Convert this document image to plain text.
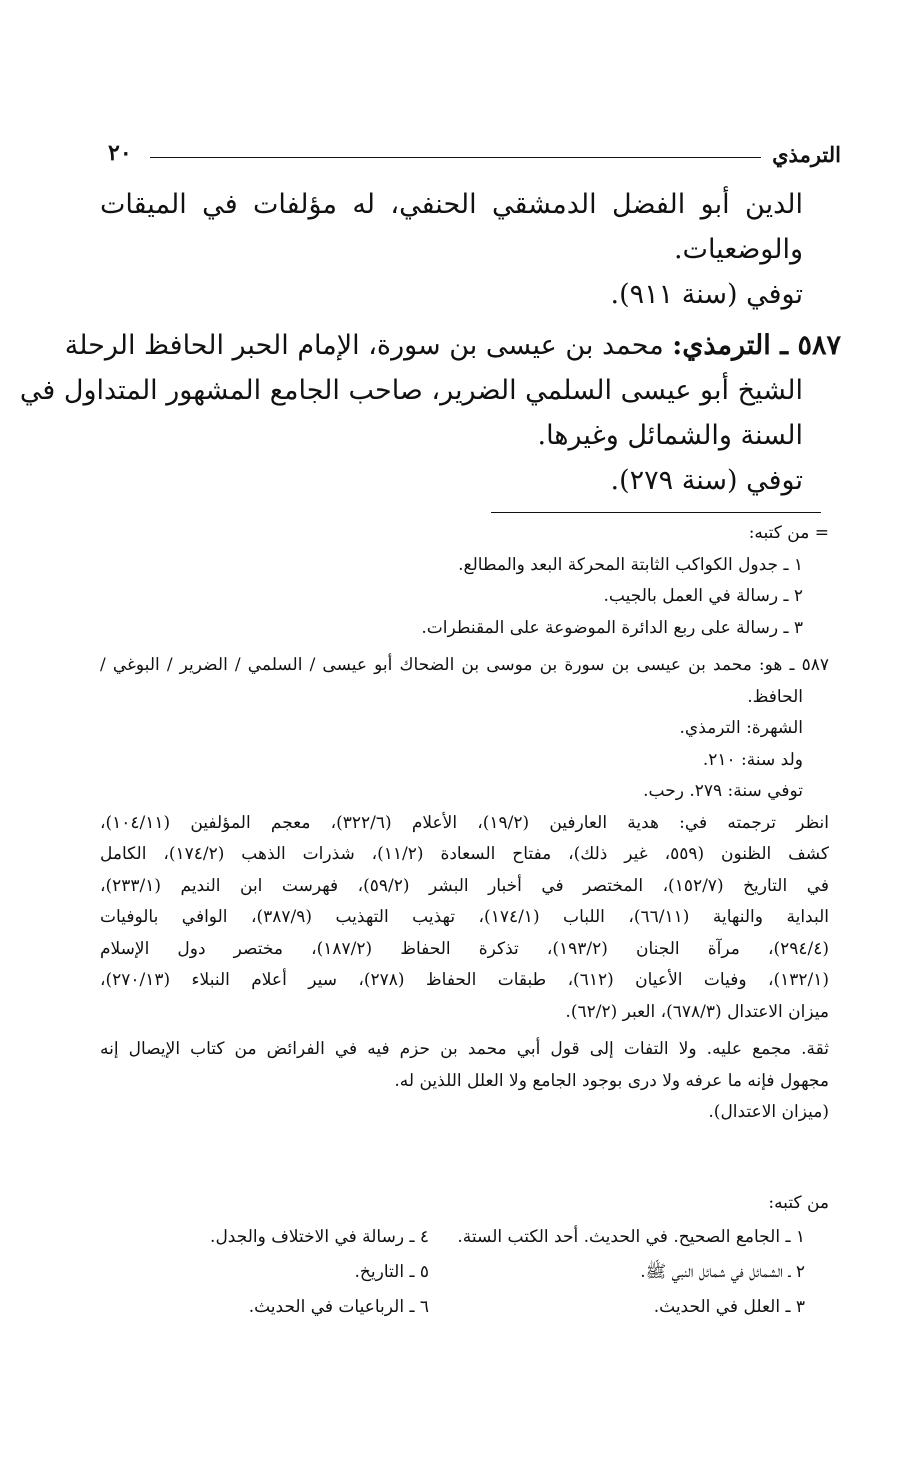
الترمذي
٢٠
الدين أبو الفضل الدمشقي الحنفي، له مؤلفات في الميقات
والوضعيات.
توفي (سنة ٩١١).
٥٨٧ ـ الترمذي: محمد بن عيسى بن سورة، الإمام الحبر الحافظ الرحلة
الشيخ أبو عيسى السلمي الضرير، صاحب الجامع المشهور المتداول في
السنة والشمائل وغيرها.
توفي (سنة ٢٧٩).
= من كتبه:
١ ـ جدول الكواكب الثابتة المحركة البعد والمطالع.
٢ ـ رسالة في العمل بالجيب.
٣ ـ رسالة على ربع الدائرة الموضوعة على المقنطرات.
٥٨٧ ـ هو: محمد بن عيسى بن سورة بن موسى بن الضحاك أبو عيسى / السلمي / الضرير / البوغي /
الحافظ.
الشهرة: الترمذي.
ولد سنة: ٢١٠.
توفي سنة: ٢٧٩. رحب.
انظر ترجمته في: هدية العارفين (١٩/٢)، الأعلام (٣٢٢/٦)، معجم المؤلفين (١٠٤/١١)،
كشف الظنون (٥٥٩، غير ذلك)، مفتاح السعادة (١١/٢)، شذرات الذهب (١٧٤/٢)، الكامل
في التاريخ (١٥٢/٧)، المختصر في أخبار البشر (٥٩/٢)، فهرست ابن النديم (٢٣٣/١)،
البداية والنهاية (٦٦/١١)، اللباب (١٧٤/١)، تهذيب التهذيب (٣٨٧/٩)، الوافي بالوفيات
(٢٩٤/٤)، مرآة الجنان (١٩٣/٢)، تذكرة الحفاظ (١٨٧/٢)، مختصر دول الإسلام
(١٣٢/١)، وفيات الأعيان (٦١٢)، طبقات الحفاظ (٢٧٨)، سير أعلام النبلاء (٢٧٠/١٣)،
ميزان الاعتدال (٦٧٨/٣)، العبر (٦٢/٢).
ثقة. مجمع عليه. ولا التفات إلى قول أبي محمد بن حزم فيه في الفرائض من كتاب الإيصال إنه
مجهول فإنه ما عرفه ولا درى بوجود الجامع ولا العلل اللذين له.
(ميزان الاعتدال).
من كتبه:
١ ـ الجامع الصحيح. في الحديث. أحد الكتب الستة.
٤ ـ رسالة في الاختلاف والجدل.
٢ ـ الشمائل في شمائل النبي ﷺ.
٥ ـ التاريخ.
٣ ـ العلل في الحديث.
٦ ـ الرباعيات في الحديث.
